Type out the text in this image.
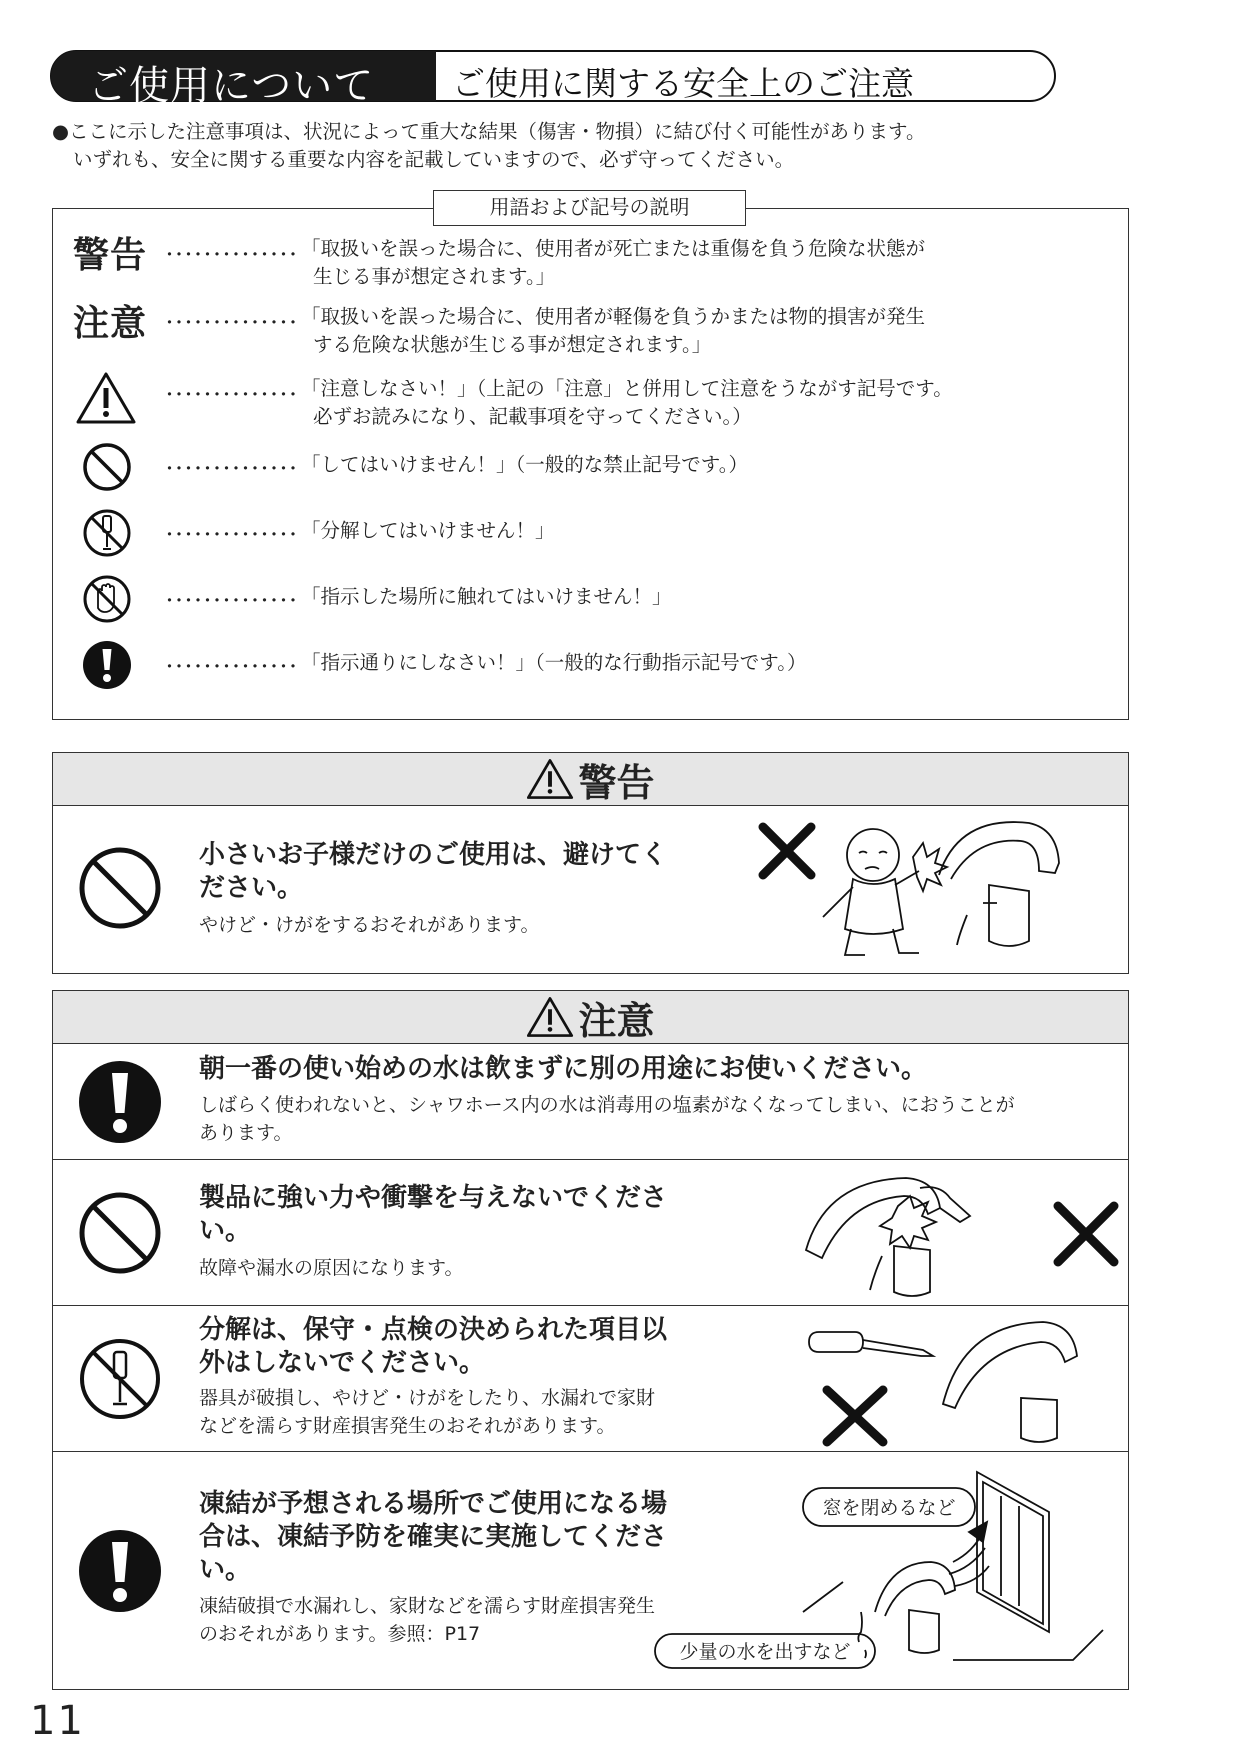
ご使用について ご使用に関する安全上のご注意
●ここに示した注意事項は、状況によって重大な結果（傷害・物損）に結び付く可能性があります。
いずれも、安全に関する重要な内容を記載していますので、必ず守ってください。
警告 ･･････････････ 「取扱いを誤った場合に、使用者が死亡または重傷を負う危険な状態が
生じる事が想定されます。」
注意 ･･････････････ 「取扱いを誤った場合に、使用者が軽傷を負うかまたは物的損害が発生
する危険な状態が生じる事が想定されます。」
･･････････････ 「注意しなさい！」（上記の「注意」と併用して注意をうながす記号です。
必ずお読みになり、記載事項を守ってください。）
･･････････････ 「してはいけません！」（一般的な禁止記号です。）
･･････････････ 「分解してはいけません！」
･･････････････ 「指示した場所に触れてはいけません！」
･･････････････ 「指示通りにしなさい！」（一般的な行動指示記号です。）
用語および記号の説明
警告
小さいお子様だけのご使用は、避けてく
ださい。
やけど・けがをするおそれがあります。
注意
朝一番の使い始めの水は飲まずに別の用途にお使いください。
しばらく使われないと、シャワホース内の水は消毒用の塩素がなくなってしまい、におうことが
あります。
製品に強い力や衝撃を与えないでくださ
い。
故障や漏水の原因になります。
分解は、保守・点検の決められた項目以
外はしないでください。
器具が破損し、やけど・けがをしたり、水漏れで家財
などを濡らす財産損害発生のおそれがあります。
凍結が予想される場所でご使用になる場
合は、凍結予防を確実に実施してくださ
い。
凍結破損で水漏れし、家財などを濡らす財産損害発生
のおそれがあります。参照：P17
窓を閉めるなど
少量の水を出すなど
11
